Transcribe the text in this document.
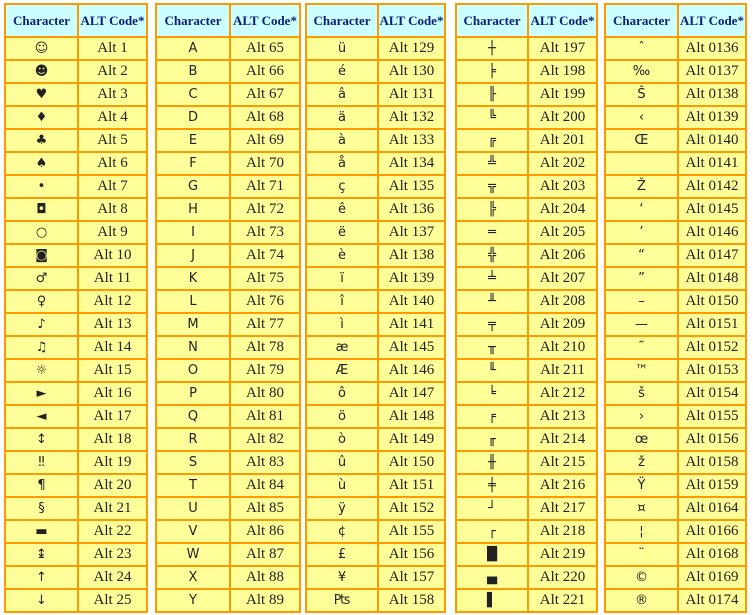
Character	ALT Code*
☺	Alt 1
☻	Alt 2
♥	Alt 3
♦	Alt 4
♣	Alt 5
♠	Alt 6
•	Alt 7
◘	Alt 8
○	Alt 9
◙	Alt 10
♂	Alt 11
♀	Alt 12
♪	Alt 13
♫	Alt 14
☼	Alt 15
►	Alt 16
◄	Alt 17
↕	Alt 18
‼	Alt 19
¶	Alt 20
§	Alt 21
▬	Alt 22
↨	Alt 23
↑	Alt 24
↓	Alt 25
Character	ALT Code*
A	Alt 65
B	Alt 66
C	Alt 67
D	Alt 68
E	Alt 69
F	Alt 70
G	Alt 71
H	Alt 72
I	Alt 73
J	Alt 74
K	Alt 75
L	Alt 76
M	Alt 77
N	Alt 78
O	Alt 79
P	Alt 80
Q	Alt 81
R	Alt 82
S	Alt 83
T	Alt 84
U	Alt 85
V	Alt 86
W	Alt 87
X	Alt 88
Y	Alt 89
Character	ALT Code*
ü	Alt 129
é	Alt 130
â	Alt 131
ä	Alt 132
à	Alt 133
å	Alt 134
ç	Alt 135
ê	Alt 136
ë	Alt 137
è	Alt 138
ï	Alt 139
î	Alt 140
ì	Alt 141
æ	Alt 145
Æ	Alt 146
ô	Alt 147
ö	Alt 148
ò	Alt 149
û	Alt 150
ù	Alt 151
ÿ	Alt 152
¢	Alt 155
£	Alt 156
¥	Alt 157
₧	Alt 158
Character	ALT Code*
┼	Alt 197
╞	Alt 198
╟	Alt 199
╚	Alt 200
╔	Alt 201
╩	Alt 202
╦	Alt 203
╠	Alt 204
═	Alt 205
╬	Alt 206
╧	Alt 207
╨	Alt 208
╤	Alt 209
╥	Alt 210
╙	Alt 211
╘	Alt 212
╒	Alt 213
╓	Alt 214
╫	Alt 215
╪	Alt 216
┘	Alt 217
┌	Alt 218
█	Alt 219
▄	Alt 220
▌	Alt 221
Character	ALT Code*
ˆ	Alt 0136
‰	Alt 0137
Š	Alt 0138
‹	Alt 0139
Œ	Alt 0140
	Alt 0141
Ž	Alt 0142
‘	Alt 0145
’	Alt 0146
“	Alt 0147
”	Alt 0148
–	Alt 0150
—	Alt 0151
˜	Alt 0152
™	Alt 0153
š	Alt 0154
›	Alt 0155
œ	Alt 0156
ž	Alt 0158
Ÿ	Alt 0159
¤	Alt 0164
¦	Alt 0166
¨	Alt 0168
©	Alt 0169
®	Alt 0174
